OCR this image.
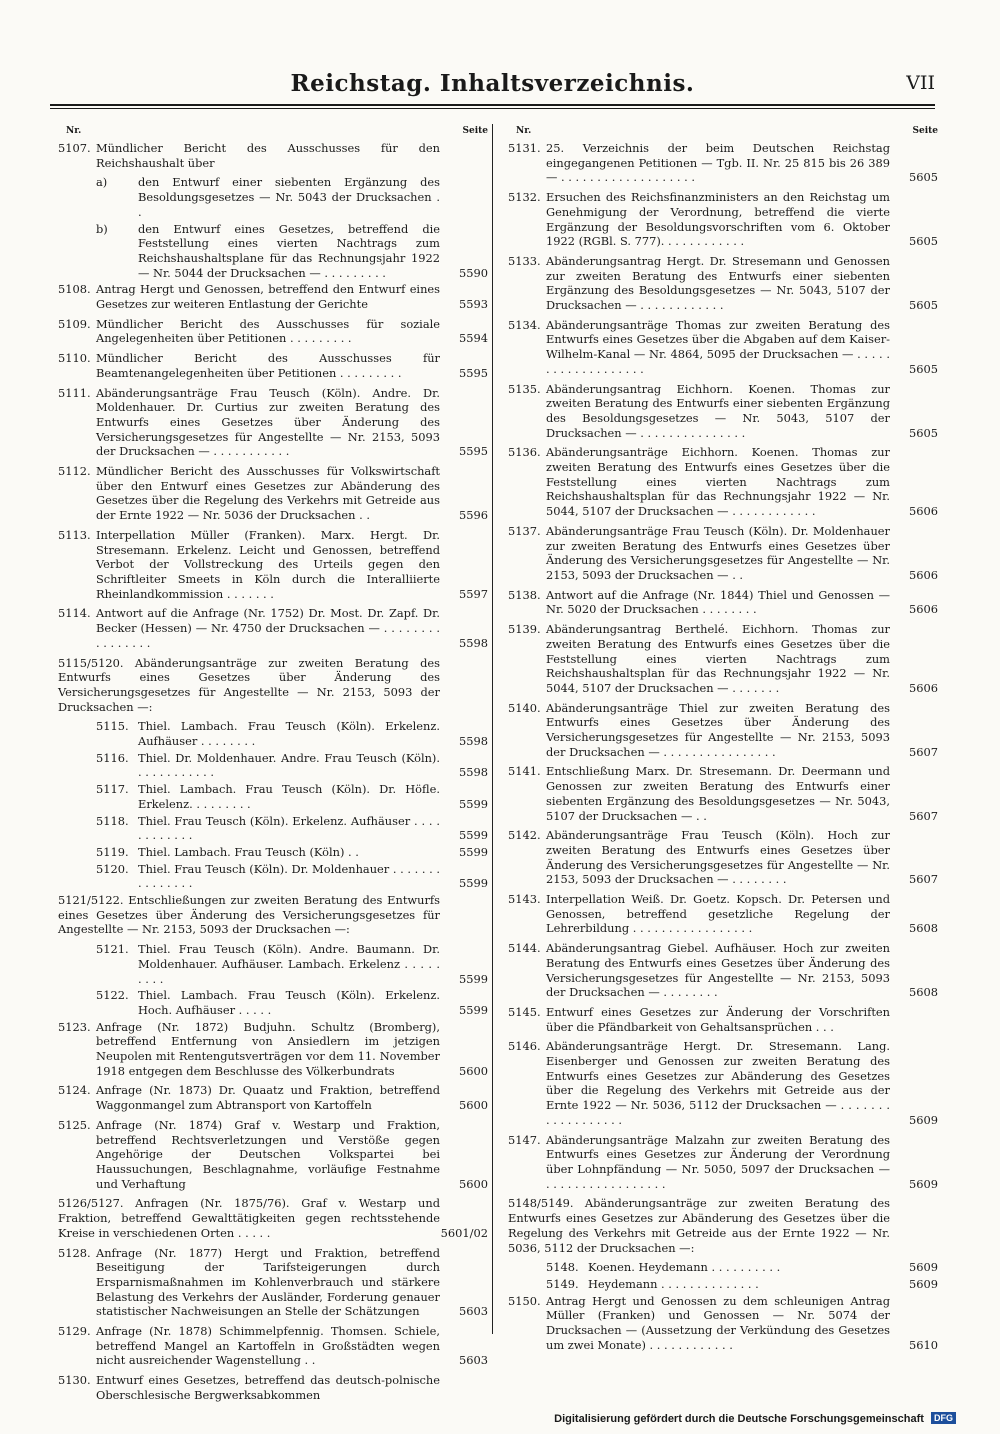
Reichstag. Inhaltsverzeichnis.	VII
Nr.	Seite
5107. Mündlicher Bericht des Ausschusses für den Reichshaushalt über
a)	den Entwurf einer siebenten Ergänzung des Besoldungsgesetzes — Nr. 5043 der Drucksachen . .
b)	den Entwurf eines Gesetzes, betreffend die Feststellung eines vierten Nachtrags zum Reichshaushaltsplane für das Rechnungsjahr 1922 — Nr. 5044 der Drucksachen — . . . . . . . . .	5590
5108. Antrag Hergt und Genossen, betreffend den Entwurf eines Gesetzes zur weiteren Entlastung der Gerichte	5593
5109. Mündlicher Bericht des Ausschusses für soziale Angelegenheiten über Petitionen . . . . . . . . .	5594
5110. Mündlicher Bericht des Ausschusses für Beamtenangelegenheiten über Petitionen . . . . . . . . .	5595
5111. Abänderungsanträge Frau Teusch (Köln). Andre. Dr. Moldenhauer. Dr. Curtius zur zweiten Beratung des Entwurfs eines Gesetzes über Änderung des Versicherungsgesetzes für Angestellte — Nr. 2153, 5093 der Drucksachen — . . . . . . . . . . .	5595
5112. Mündlicher Bericht des Ausschusses für Volkswirtschaft über den Entwurf eines Gesetzes zur Abänderung des Gesetzes über die Regelung des Verkehrs mit Getreide aus der Ernte 1922 — Nr. 5036 der Drucksachen . .	5596
5113. Interpellation Müller (Franken). Marx. Hergt. Dr. Stresemann. Erkelenz. Leicht und Genossen, betreffend Verbot der Vollstreckung des Urteils gegen den Schriftleiter Smeets in Köln durch die Interalliierte Rheinlandkommission . . . . . . .	5597
5114. Antwort auf die Anfrage (Nr. 1752) Dr. Most. Dr. Zapf. Dr. Becker (Hessen) — Nr. 4750 der Drucksachen — . . . . . . . . . . . . . . . .	5598
5115/5120. Abänderungsanträge zur zweiten Beratung des Entwurfs eines Gesetzes über Änderung des Versicherungsgesetzes für Angestellte — Nr. 2153, 5093 der Drucksachen —:
5115. Thiel. Lambach. Frau Teusch (Köln). Erkelenz. Aufhäuser . . . . . . . .	5598
5116. Thiel. Dr. Moldenhauer. Andre. Frau Teusch (Köln). . . . . . . . . . . .	5598
5117. Thiel. Lambach. Frau Teusch (Köln). Dr. Höfle. Erkelenz. . . . . . . . .	5599
5118. Thiel. Frau Teusch (Köln). Erkelenz. Aufhäuser . . . . . . . . . . . .	5599
5119. Thiel. Lambach. Frau Teusch (Köln) . .	5599
5120. Thiel. Frau Teusch (Köln). Dr. Moldenhauer . . . . . . . . . . . . . . .	5599
5121/5122. Entschließungen zur zweiten Beratung des Entwurfs eines Gesetzes über Änderung des Versicherungsgesetzes für Angestellte — Nr. 2153, 5093 der Drucksachen —:
5121. Thiel. Frau Teusch (Köln). Andre. Baumann. Dr. Moldenhauer. Aufhäuser. Lambach. Erkelenz . . . . . . . . .	5599
5122. Thiel. Lambach. Frau Teusch (Köln). Erkelenz. Hoch. Aufhäuser . . . . .	5599
5123. Anfrage (Nr. 1872) Budjuhn. Schultz (Bromberg), betreffend Entfernung von Ansiedlern im jetzigen Neupolen mit Rentengutsverträgen vor dem 11. November 1918 entgegen dem Beschlusse des Völkerbundrats	5600
5124. Anfrage (Nr. 1873) Dr. Quaatz und Fraktion, betreffend Waggonmangel zum Abtransport von Kartoffeln	5600
5125. Anfrage (Nr. 1874) Graf v. Westarp und Fraktion, betreffend Rechtsverletzungen und Verstöße gegen Angehörige der Deutschen Volkspartei bei Haussuchungen, Beschlagnahme, vorläufige Festnahme und Verhaftung	5600
5126/5127. Anfragen (Nr. 1875/76). Graf v. Westarp und Fraktion, betreffend Gewalttätigkeiten gegen rechtsstehende Kreise in verschiedenen Orten . . . . .	5601/02
5128. Anfrage (Nr. 1877) Hergt und Fraktion, betreffend Beseitigung der Tarifsteigerungen durch Ersparnismaßnahmen im Kohlenverbrauch und stärkere Belastung des Verkehrs der Ausländer, Forderung genauer statistischer Nachweisungen an Stelle der Schätzungen	5603
5129. Anfrage (Nr. 1878) Schimmelpfennig. Thomsen. Schiele, betreffend Mangel an Kartoffeln in Großstädten wegen nicht ausreichender Wagenstellung . .	5603
5130. Entwurf eines Gesetzes, betreffend das deutsch-polnische Oberschlesische Bergwerksabkommen
Nr.	Seite
5131. 25. Verzeichnis der beim Deutschen Reichstag eingegangenen Petitionen — Tgb. II. Nr. 25 815 bis 26 389 — . . . . . . . . . . . . . . . . . . .	5605
5132. Ersuchen des Reichsfinanzministers an den Reichstag um Genehmigung der Verordnung, betreffend die vierte Ergänzung der Besoldungsvorschriften vom 6. Oktober 1922 (RGBl. S. 777). . . . . . . . . . . .	5605
5133. Abänderungsantrag Hergt. Dr. Stresemann und Genossen zur zweiten Beratung des Entwurfs einer siebenten Ergänzung des Besoldungsgesetzes — Nr. 5043, 5107 der Drucksachen — . . . . . . . . . . . .	5605
5134. Abänderungsanträge Thomas zur zweiten Beratung des Entwurfs eines Gesetzes über die Abgaben auf dem Kaiser-Wilhelm-Kanal — Nr. 4864, 5095 der Drucksachen — . . . . . . . . . . . . . . . . . . .	5605
5135. Abänderungsantrag Eichhorn. Koenen. Thomas zur zweiten Beratung des Entwurfs einer siebenten Ergänzung des Besoldungsgesetzes — Nr. 5043, 5107 der Drucksachen — . . . . . . . . . . . . . . .	5605
5136. Abänderungsanträge Eichhorn. Koenen. Thomas zur zweiten Beratung des Entwurfs eines Gesetzes über die Feststellung eines vierten Nachtrags zum Reichshaushaltsplan für das Rechnungsjahr 1922 — Nr. 5044, 5107 der Drucksachen — . . . . . . . . . . . .	5606
5137. Abänderungsanträge Frau Teusch (Köln). Dr. Moldenhauer zur zweiten Beratung des Entwurfs eines Gesetzes über Änderung des Versicherungsgesetzes für Angestellte — Nr. 2153, 5093 der Drucksachen — . .	5606
5138. Antwort auf die Anfrage (Nr. 1844) Thiel und Genossen — Nr. 5020 der Drucksachen . . . . . . . .	5606
5139. Abänderungsantrag Berthelé. Eichhorn. Thomas zur zweiten Beratung des Entwurfs eines Gesetzes über die Feststellung eines vierten Nachtrags zum Reichshaushaltsplan für das Rechnungsjahr 1922 — Nr. 5044, 5107 der Drucksachen — . . . . . . .	5606
5140. Abänderungsanträge Thiel zur zweiten Beratung des Entwurfs eines Gesetzes über Änderung des Versicherungsgesetzes für Angestellte — Nr. 2153, 5093 der Drucksachen — . . . . . . . . . . . . . . . .	5607
5141. Entschließung Marx. Dr. Stresemann. Dr. Deermann und Genossen zur zweiten Beratung des Entwurfs einer siebenten Ergänzung des Besoldungsgesetzes — Nr. 5043, 5107 der Drucksachen — . .	5607
5142. Abänderungsanträge Frau Teusch (Köln). Hoch zur zweiten Beratung des Entwurfs eines Gesetzes über Änderung des Versicherungsgesetzes für Angestellte — Nr. 2153, 5093 der Drucksachen — . . . . . . . .	5607
5143. Interpellation Weiß. Dr. Goetz. Kopsch. Dr. Petersen und Genossen, betreffend gesetzliche Regelung der Lehrerbildung . . . . . . . . . . . . . . . . .	5608
5144. Abänderungsantrag Giebel. Aufhäuser. Hoch zur zweiten Beratung des Entwurfs eines Gesetzes über Änderung des Versicherungsgesetzes für Angestellte — Nr. 2153, 5093 der Drucksachen — . . . . . . . .	5608
5145. Entwurf eines Gesetzes zur Änderung der Vorschriften über die Pfändbarkeit von Gehaltsansprüchen . . .
5146. Abänderungsanträge Hergt. Dr. Stresemann. Lang. Eisenberger und Genossen zur zweiten Beratung des Entwurfs eines Gesetzes zur Abänderung des Gesetzes über die Regelung des Verkehrs mit Getreide aus der Ernte 1922 — Nr. 5036, 5112 der Drucksachen — . . . . . . . . . . . . . . . . . .	5609
5147. Abänderungsanträge Malzahn zur zweiten Beratung des Entwurfs eines Gesetzes zur Änderung der Verordnung über Lohnpfändung — Nr. 5050, 5097 der Drucksachen — . . . . . . . . . . . . . . . . .	5609
5148/5149. Abänderungsanträge zur zweiten Beratung des Entwurfs eines Gesetzes zur Abänderung des Gesetzes über die Regelung des Verkehrs mit Getreide aus der Ernte 1922 — Nr. 5036, 5112 der Drucksachen —:
5148. Koenen. Heydemann . . . . . . . . . .	5609
5149. Heydemann . . . . . . . . . . . . . .	5609
5150. Antrag Hergt und Genossen zu dem schleunigen Antrag Müller (Franken) und Genossen — Nr. 5074 der Drucksachen — (Aussetzung der Verkündung des Gesetzes um zwei Monate) . . . . . . . . . . . .	5610
Digitalisierung gefördert durch die Deutsche Forschungsgemeinschaft DFG
